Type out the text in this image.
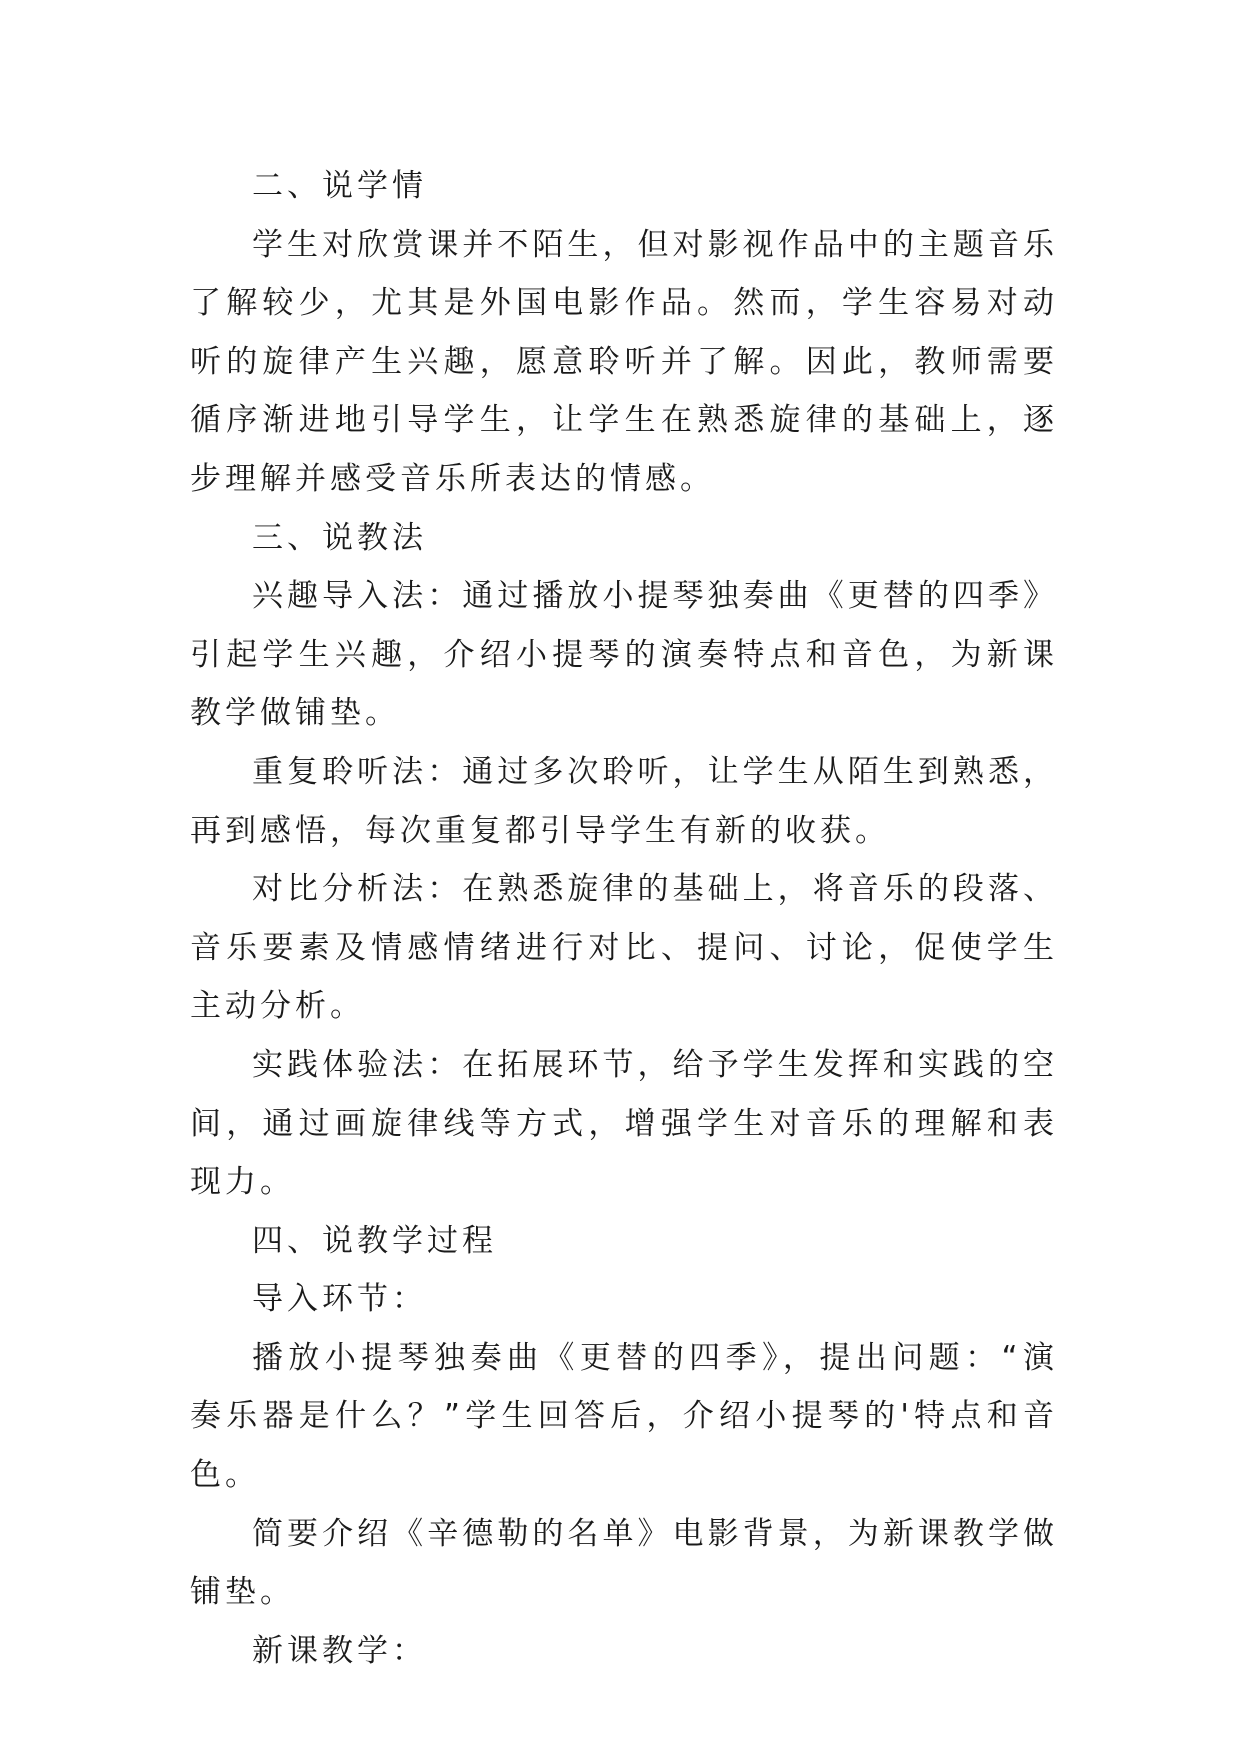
二、说学情

学生对欣赏课并不陌生，但对影视作品中的主题音乐了解较少，尤其是外国电影作品。然而，学生容易对动听的旋律产生兴趣，愿意聆听并了解。因此，教师需要循序渐进地引导学生，让学生在熟悉旋律的基础上，逐步理解并感受音乐所表达的情感。

三、说教法

兴趣导入法：通过播放小提琴独奏曲《更替的四季》引起学生兴趣，介绍小提琴的演奏特点和音色，为新课教学做铺垫。

重复聆听法：通过多次聆听，让学生从陌生到熟悉，再到感悟，每次重复都引导学生有新的收获。

对比分析法：在熟悉旋律的基础上，将音乐的段落、音乐要素及情感情绪进行对比、提问、讨论，促使学生主动分析。

实践体验法：在拓展环节，给予学生发挥和实践的空间，通过画旋律线等方式，增强学生对音乐的理解和表现力。

四、说教学过程

导入环节：

播放小提琴独奏曲《更替的四季》，提出问题：“演奏乐器是什么？”学生回答后，介绍小提琴的'特点和音色。

简要介绍《辛德勒的名单》电影背景，为新课教学做铺垫。

新课教学：
